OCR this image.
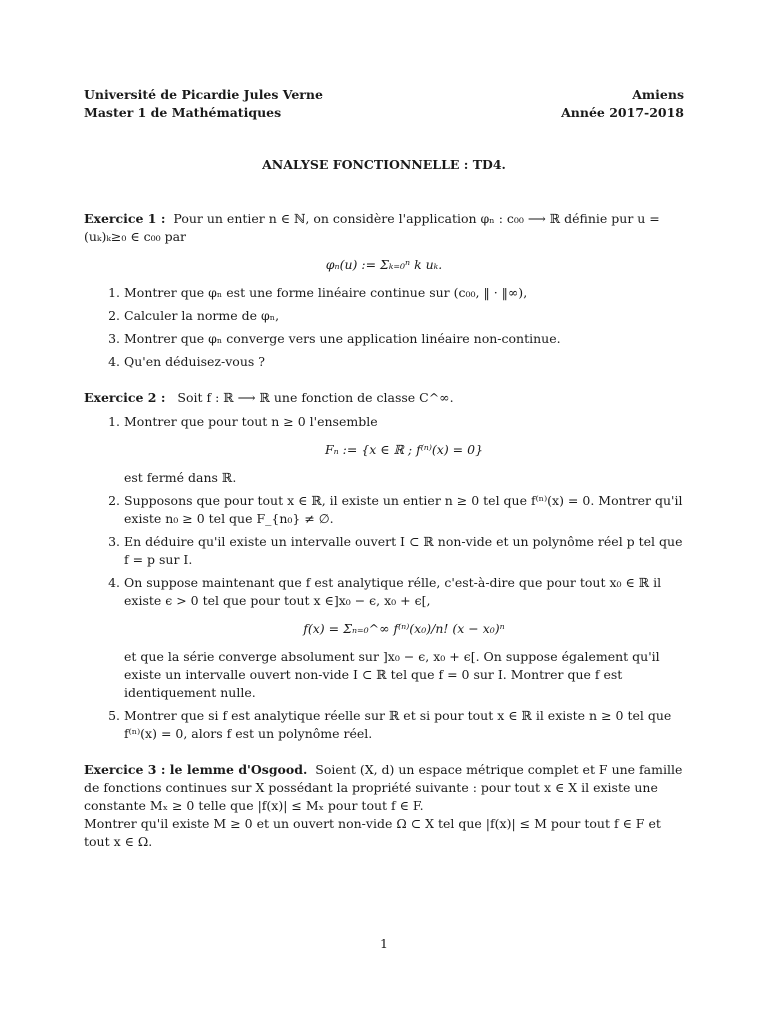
Université de Picardie Jules Verne	Amiens
Master 1 de Mathématiques	Année 2017-2018
ANALYSE FONCTIONNELLE : TD4.

Exercice 1 : Pour un entier n ∈ ℕ, on considère l'application φₙ : c₀₀ ⟶ ℝ définie pur u = (uₖ)ₖ≥₀ ∈ c₀₀ par

φₙ(u) := Σₖ₌₀ⁿ k uₖ.
1. Montrer que φₙ est une forme linéaire continue sur (c₀₀, ‖ · ‖∞),
2. Calculer la norme de φₙ,
3. Montrer que φₙ converge vers une application linéaire non-continue.
4. Qu'en déduisez-vous ?

Exercice 2 : Soit f : ℝ ⟶ ℝ une fonction de classe C^∞.

1. Montrer que pour tout n ≥ 0 l'ensemble
Fₙ := {x ∈ ℝ ; f⁽ⁿ⁾(x) = 0}
est fermé dans ℝ.
2. Supposons que pour tout x ∈ ℝ, il existe un entier n ≥ 0 tel que f⁽ⁿ⁾(x) = 0. Montrer qu'il existe n₀ ≥ 0 tel que F_{n₀} ≠ ∅.
3. En déduire qu'il existe un intervalle ouvert I ⊂ ℝ non-vide et un polynôme réel p tel que f = p sur I.
4. On suppose maintenant que f est analytique rélle, c'est-à-dire que pour tout x₀ ∈ ℝ il existe ϵ > 0 tel que pour tout x ∈]x₀ − ϵ, x₀ + ϵ[,
f(x) = Σₙ₌₀^∞ f⁽ⁿ⁾(x₀)/n! (x − x₀)ⁿ
et que la série converge absolument sur ]x₀ − ϵ, x₀ + ϵ[. On suppose également qu'il existe un intervalle ouvert non-vide I ⊂ ℝ tel que f = 0 sur I. Montrer que f est identiquement nulle.
5. Montrer que si f est analytique réelle sur ℝ et si pour tout x ∈ ℝ il existe n ≥ 0 tel que f⁽ⁿ⁾(x) = 0, alors f est un polynôme réel.

Exercice 3 : le lemme d'Osgood. Soient (X, d) un espace métrique complet et F une famille de fonctions continues sur X possédant la propriété suivante : pour tout x ∈ X il existe une constante Mₓ ≥ 0 telle que |f(x)| ≤ Mₓ pour tout f ∈ F.

Montrer qu'il existe M ≥ 0 et un ouvert non-vide Ω ⊂ X tel que |f(x)| ≤ M pour tout f ∈ F et tout x ∈ Ω.

1
